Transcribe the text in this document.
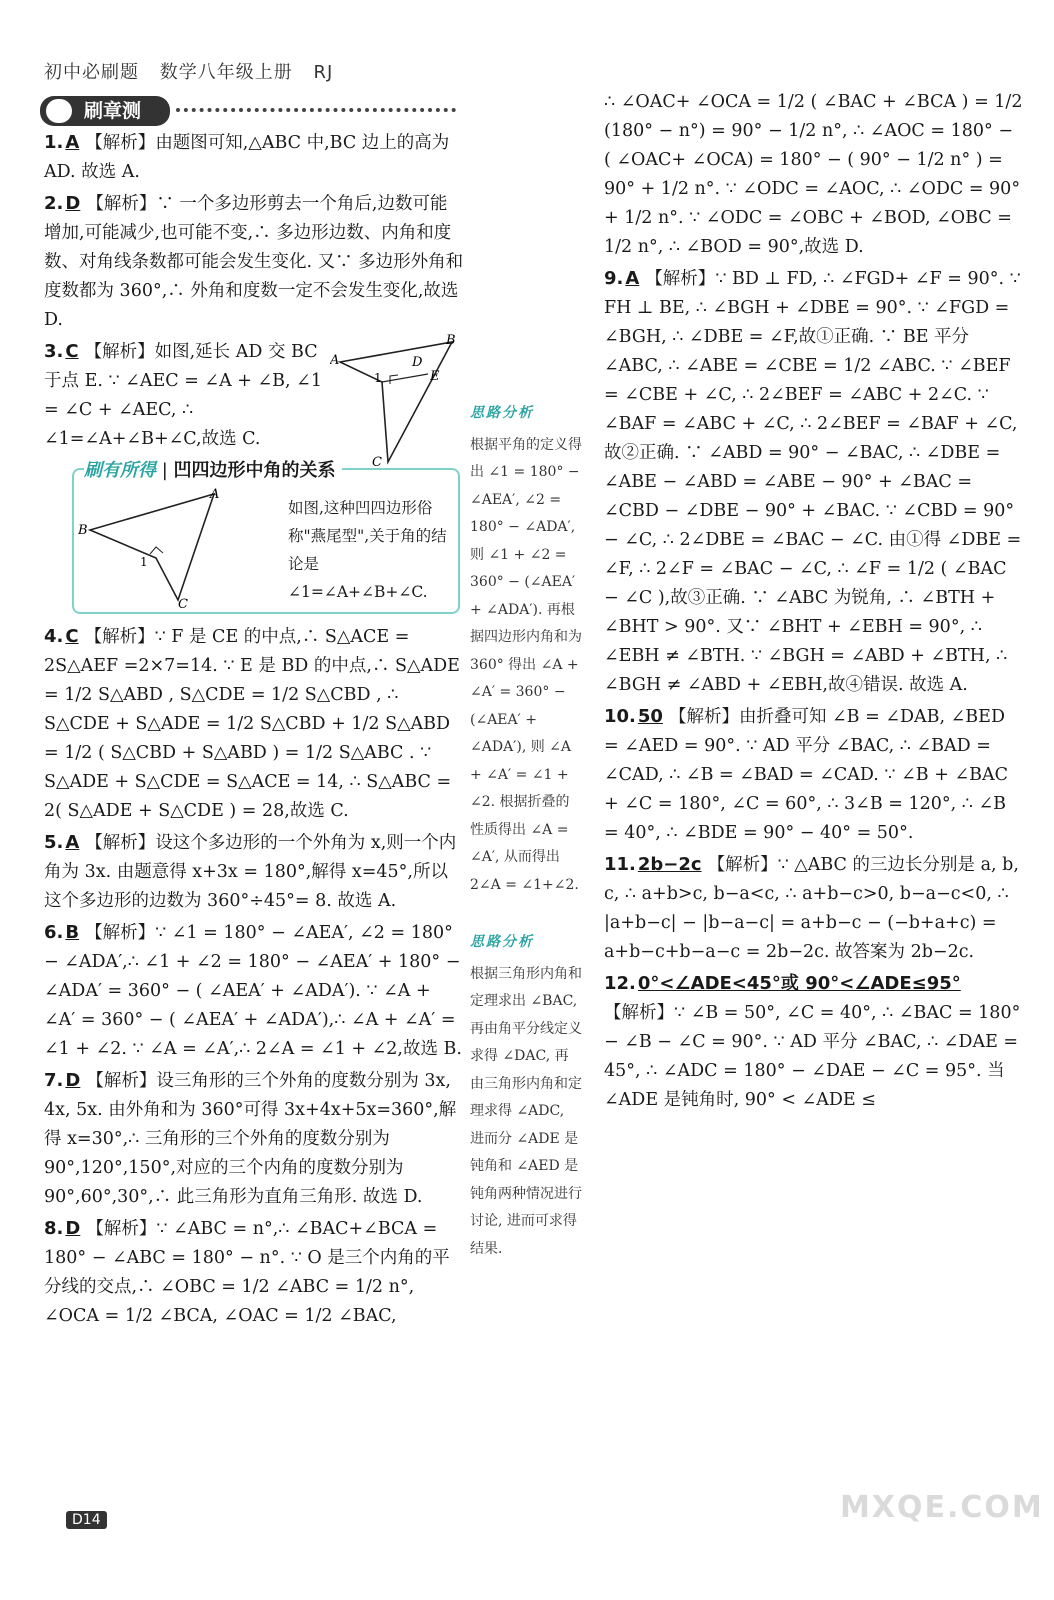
初中必刷题 数学八年级上册 RJ
刷章测

1. A 【解析】由题图可知,△ABC 中,BC 边上的高为 AD. 故选 A.

2. D 【解析】∵ 一个多边形剪去一个角后,边数可能增加,可能减少,也可能不变,∴ 多边形边数、内角和度数、对角线条数都可能会发生变化. 又∵ 多边形外角和度数都为 360°,∴ 外角和度数一定不会发生变化,故选 D.

3. C 【解析】如图,延长 AD 交 BC 于点 E. ∵ ∠AEC = ∠A + ∠B, ∠1 = ∠C + ∠AEC, ∴ ∠1=∠A+∠B+∠C,故选 C.

4. C 【解析】∵ F 是 CE 的中点,∴ S△ACE = 2S△AEF =2×7=14. ∵ E 是 BD 的中点,∴ S△ADE = 1/2 S△ABD , S△CDE = 1/2 S△CBD , ∴ S△CDE + S△ADE = 1/2 S△CBD + 1/2 S△ABD = 1/2 ( S△CBD + S△ABD ) = 1/2 S△ABC . ∵ S△ADE + S△CDE = S△ACE = 14, ∴ S△ABC = 2( S△ADE + S△CDE ) = 28,故选 C.

5. A 【解析】设这个多边形的一个外角为 x,则一个内角为 3x. 由题意得 x+3x = 180°,解得 x=45°,所以这个多边形的边数为 360°÷45°= 8. 故选 A.

6. B 【解析】∵ ∠1 = 180° − ∠AEA′, ∠2 = 180° − ∠ADA′,∴ ∠1 + ∠2 = 180° − ∠AEA′ + 180° − ∠ADA′ = 360° − ( ∠AEA′ + ∠ADA′). ∵ ∠A + ∠A′ = 360° − ( ∠AEA′ + ∠ADA′),∴ ∠A + ∠A′ = ∠1 + ∠2. ∵ ∠A = ∠A′,∴ 2∠A = ∠1 + ∠2,故选 B.

7. D 【解析】设三角形的三个外角的度数分别为 3x, 4x, 5x. 由外角和为 360°可得 3x+4x+5x=360°,解得 x=30°,∴ 三角形的三个外角的度数分别为 90°,120°,150°,对应的三个内角的度数分别为 90°,60°,30°,∴ 此三角形为直角三角形. 故选 D.

8. D 【解析】∵ ∠ABC = n°,∴ ∠BAC+∠BCA = 180° − ∠ABC = 180° − n°. ∵ O 是三个内角的平分线的交点,∴ ∠OBC = 1/2 ∠ABC = 1/2 n°, ∠OCA = 1/2 ∠BCA, ∠OAC = 1/2 ∠BAC,

A
B
D
E
1
C
刷有所得 | 凹四边形中角的关系
B
A
1
C
如图,这种凹四边形俗称"燕尾型",关于角的结论是 ∠1=∠A+∠B+∠C.
思路分析
根据平角的定义得出 ∠1 = 180° − ∠AEA′, ∠2 = 180° − ∠ADA′, 则 ∠1 + ∠2 = 360° − (∠AEA′ + ∠ADA′). 再根据四边形内角和为 360° 得出 ∠A + ∠A′ = 360° − (∠AEA′ + ∠ADA′), 则 ∠A + ∠A′ = ∠1 + ∠2. 根据折叠的性质得出 ∠A = ∠A′, 从而得出 2∠A = ∠1+∠2.
思路分析
根据三角形内角和定理求出 ∠BAC, 再由角平分线定义求得 ∠DAC, 再由三角形内角和定理求得 ∠ADC, 进而分 ∠ADE 是钝角和 ∠AED 是钝角两种情况进行讨论, 进而可求得结果.

∴ ∠OAC+ ∠OCA = 1/2 ( ∠BAC + ∠BCA ) = 1/2 (180° − n°) = 90° − 1/2 n°, ∴ ∠AOC = 180° − ( ∠OAC+ ∠OCA) = 180° − ( 90° − 1/2 n° ) = 90° + 1/2 n°. ∵ ∠ODC = ∠AOC, ∴ ∠ODC = 90° + 1/2 n°. ∵ ∠ODC = ∠OBC + ∠BOD, ∠OBC = 1/2 n°, ∴ ∠BOD = 90°,故选 D.

9. A 【解析】∵ BD ⊥ FD, ∴ ∠FGD+ ∠F = 90°. ∵ FH ⊥ BE, ∴ ∠BGH + ∠DBE = 90°. ∵ ∠FGD = ∠BGH, ∴ ∠DBE = ∠F,故①正确. ∵ BE 平分 ∠ABC, ∴ ∠ABE = ∠CBE = 1/2 ∠ABC. ∵ ∠BEF = ∠CBE + ∠C, ∴ 2∠BEF = ∠ABC + 2∠C. ∵ ∠BAF = ∠ABC + ∠C, ∴ 2∠BEF = ∠BAF + ∠C,故②正确. ∵ ∠ABD = 90° − ∠BAC, ∴ ∠DBE = ∠ABE − ∠ABD = ∠ABE − 90° + ∠BAC = ∠CBD − ∠DBE − 90° + ∠BAC. ∵ ∠CBD = 90° − ∠C, ∴ 2∠DBE = ∠BAC − ∠C. 由①得 ∠DBE = ∠F, ∴ 2∠F = ∠BAC − ∠C, ∴ ∠F = 1/2 ( ∠BAC − ∠C ),故③正确. ∵ ∠ABC 为锐角, ∴ ∠BTH + ∠BHT > 90°. 又∵ ∠BHT + ∠EBH = 90°, ∴ ∠EBH ≠ ∠BTH. ∵ ∠BGH = ∠ABD + ∠BTH, ∴ ∠BGH ≠ ∠ABD + ∠EBH,故④错误. 故选 A.

10. 50 【解析】由折叠可知 ∠B = ∠DAB, ∠BED = ∠AED = 90°. ∵ AD 平分 ∠BAC, ∴ ∠BAD = ∠CAD, ∴ ∠B = ∠BAD = ∠CAD. ∵ ∠B + ∠BAC + ∠C = 180°, ∠C = 60°, ∴ 3∠B = 120°, ∴ ∠B = 40°, ∴ ∠BDE = 90° − 40° = 50°.

11. 2b−2c 【解析】∵ △ABC 的三边长分别是 a, b, c, ∴ a+b>c, b−a<c, ∴ a+b−c>0, b−a−c<0, ∴ |a+b−c| − |b−a−c| = a+b−c − (−b+a+c) = a+b−c+b−a−c = 2b−2c. 故答案为 2b−2c.

12. 0°<∠ADE<45°或 90°<∠ADE≤95°
【解析】∵ ∠B = 50°, ∠C = 40°, ∴ ∠BAC = 180° − ∠B − ∠C = 90°. ∵ AD 平分 ∠BAC, ∴ ∠DAE = 45°, ∴ ∠ADC = 180° − ∠DAE − ∠C = 95°. 当 ∠ADE 是钝角时, 90° < ∠ADE ≤

D14	MXQE.COM
